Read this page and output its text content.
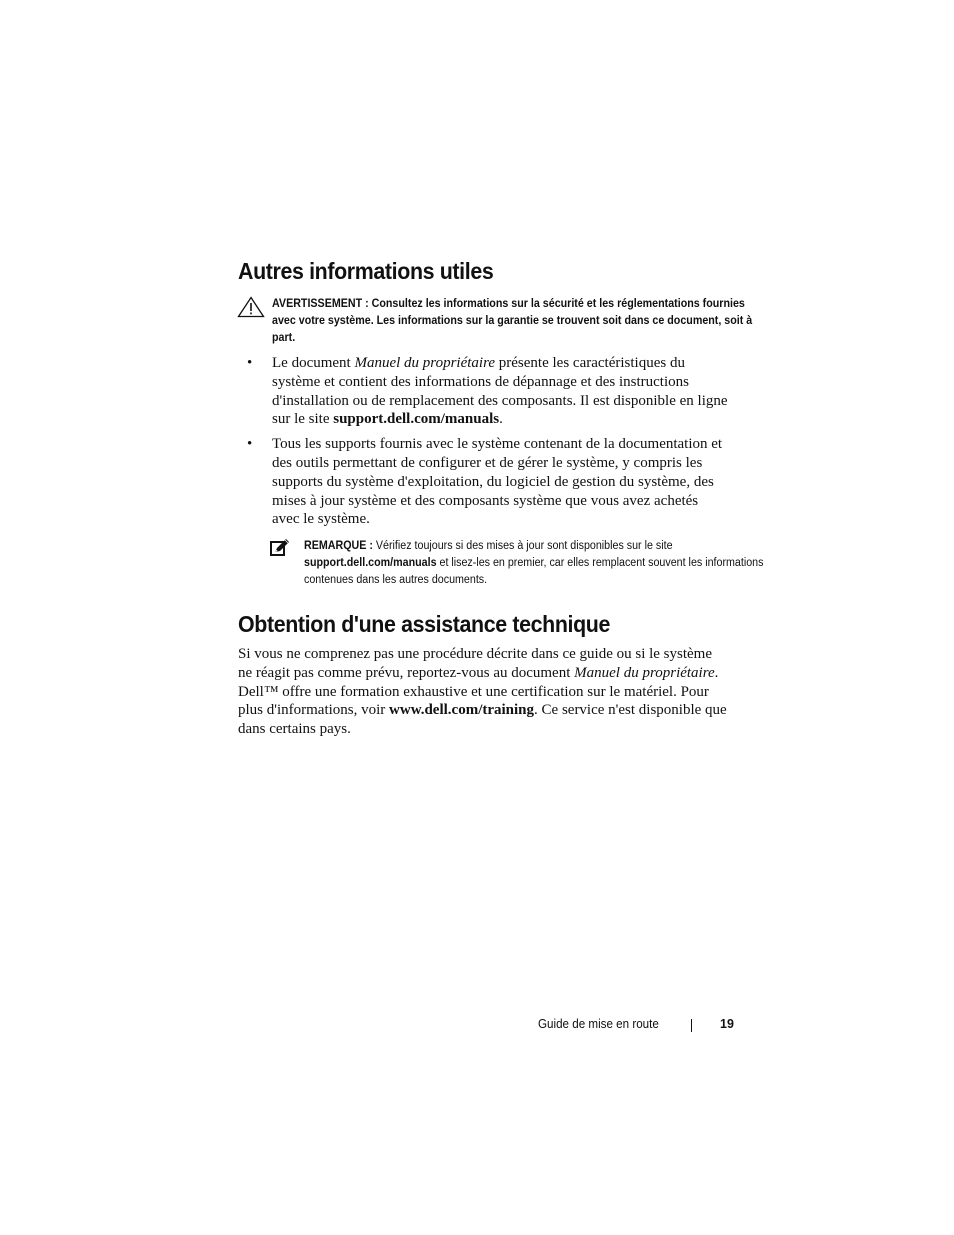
Autres informations utiles
AVERTISSEMENT : Consultez les informations sur la sécurité et les réglementations fournies avec votre système. Les informations sur la garantie se trouvent soit dans ce document, soit à part.
• Le document Manuel du propriétaire présente les caractéristiques du système et contient des informations de dépannage et des instructions d'installation ou de remplacement des composants. Il est disponible en ligne sur le site support.dell.com/manuals.
• Tous les supports fournis avec le système contenant de la documentation et des outils permettant de configurer et de gérer le système, y compris les supports du système d'exploitation, du logiciel de gestion du système, des mises à jour système et des composants système que vous avez achetés avec le système.
REMARQUE : Vérifiez toujours si des mises à jour sont disponibles sur le site support.dell.com/manuals et lisez-les en premier, car elles remplacent souvent les informations contenues dans les autres documents.
Obtention d'une assistance technique

Si vous ne comprenez pas une procédure décrite dans ce guide ou si le système ne réagit pas comme prévu, reportez-vous au document Manuel du propriétaire. Dell™ offre une formation exhaustive et une certification sur le matériel. Pour plus d'informations, voir www.dell.com/training. Ce service n'est disponible que dans certains pays.

Guide de mise en route	19
